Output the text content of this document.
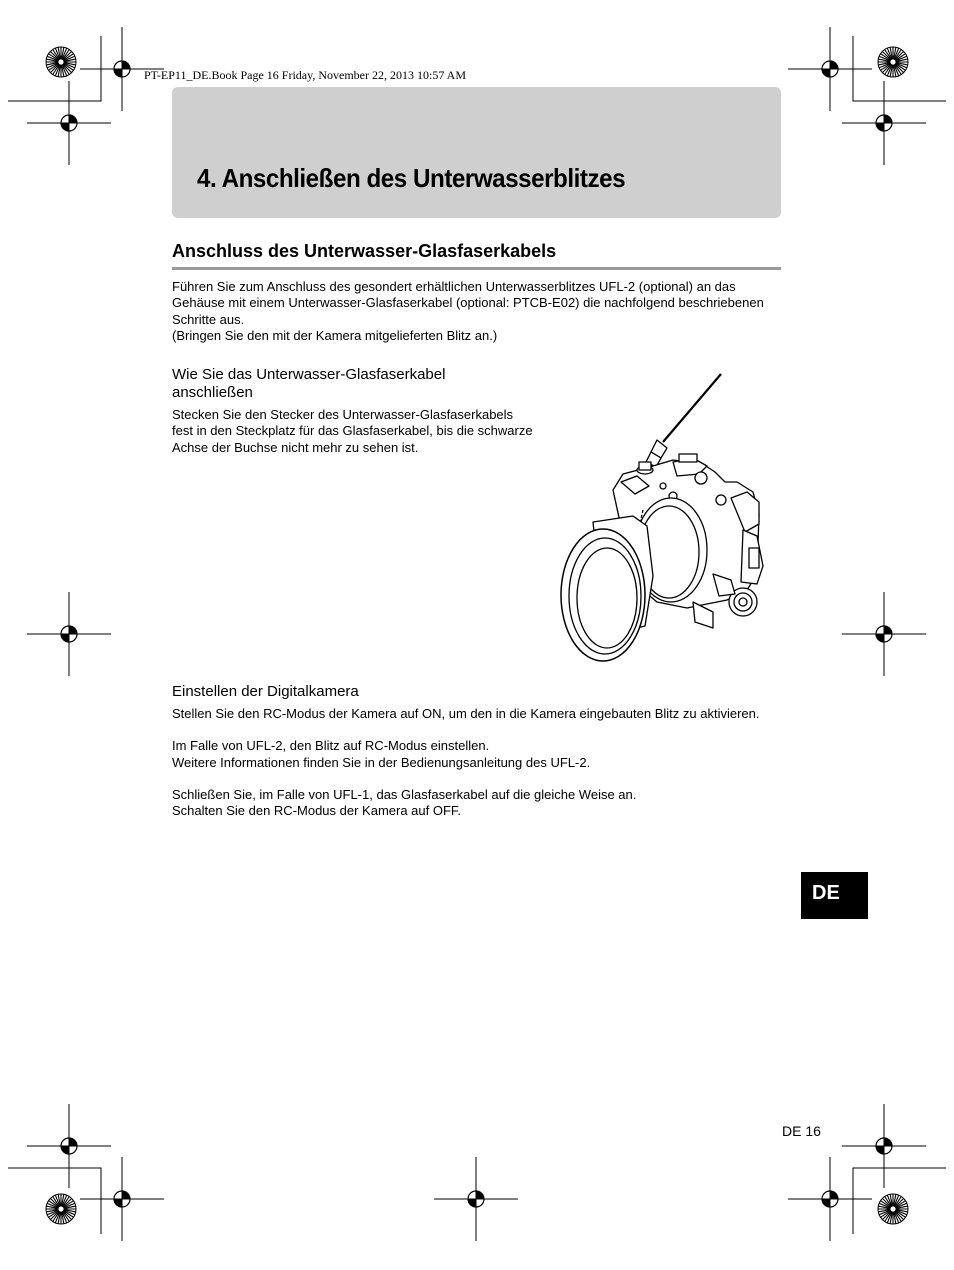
PT-EP11_DE.Book Page 16 Friday, November 22, 2013 10:57 AM
4. Anschließen des Unterwasserblitzes
Anschluss des Unterwasser-Glasfaserkabels

Führen Sie zum Anschluss des gesondert erhältlichen Unterwasserblitzes UFL-2 (optional) an das

Gehäuse mit einem Unterwasser-Glasfaserkabel (optional: PTCB-E02) die nachfolgend beschriebenen

Schritte aus.

(Bringen Sie den mit der Kamera mitgelieferten Blitz an.)

Wie Sie das Unterwasser-Glasfaserkabel

anschließen

Stecken Sie den Stecker des Unterwasser-Glasfaserkabels

fest in den Steckplatz für das Glasfaserkabel, bis die schwarze

Achse der Buchse nicht mehr zu sehen ist.

Einstellen der Digitalkamera

Stellen Sie den RC-Modus der Kamera auf ON, um den in die Kamera eingebauten Blitz zu aktivieren.

Im Falle von UFL-2, den Blitz auf RC-Modus einstellen.

Weitere Informationen finden Sie in der Bedienungsanleitung des UFL-2.

Schließen Sie, im Falle von UFL-1, das Glasfaserkabel auf die gleiche Weise an.

Schalten Sie den RC-Modus der Kamera auf OFF.

DE
DE 16
